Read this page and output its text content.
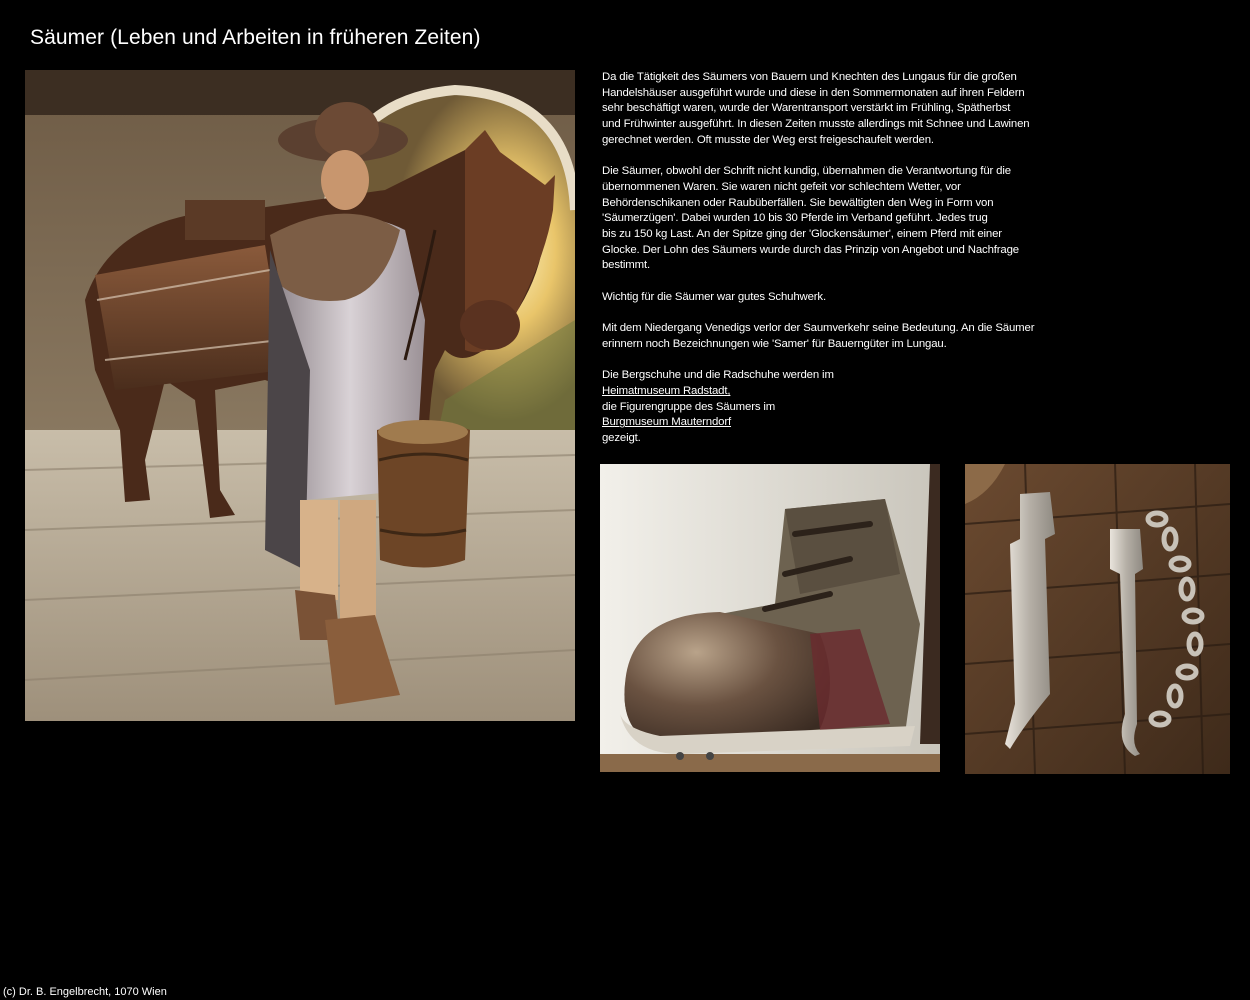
Säumer (Leben und Arbeiten in früheren Zeiten)

Da die Tätigkeit des Säumers von Bauern und Knechten des Lungaus für die großen
Handelshäuser ausgeführt wurde und diese in den Sommermonaten auf ihren Feldern
sehr beschäftigt waren, wurde der Warentransport verstärkt im Frühling, Spätherbst
und Frühwinter ausgeführt. In diesen Zeiten musste allerdings mit Schnee und Lawinen
gerechnet werden. Oft musste der Weg erst freigeschaufelt werden.

Die Säumer, obwohl der Schrift nicht kundig, übernahmen die Verantwortung für die
übernommenen Waren. Sie waren nicht gefeit vor schlechtem Wetter, vor
Behördenschikanen oder Raubüberfällen. Sie bewältigten den Weg in Form von
'Säumerzügen'. Dabei wurden 10 bis 30 Pferde im Verband geführt. Jedes trug
bis zu 150 kg Last. An der Spitze ging der 'Glockensäumer', einem Pferd mit einer
Glocke. Der Lohn des Säumers wurde durch das Prinzip von Angebot und Nachfrage
bestimmt.

Wichtig für die Säumer war gutes Schuhwerk.

Mit dem Niedergang Venedigs verlor der Saumverkehr seine Bedeutung. An die Säumer
erinnern noch Bezeichnungen wie 'Samer' für Bauerngüter im Lungau.

Die Bergschuhe und die Radschuhe werden im
Heimatmuseum Radstadt,
die Figurengruppe des Säumers im
Burgmuseum Mauterndorf
gezeigt.

(c) Dr. B. Engelbrecht, 1070 Wien
